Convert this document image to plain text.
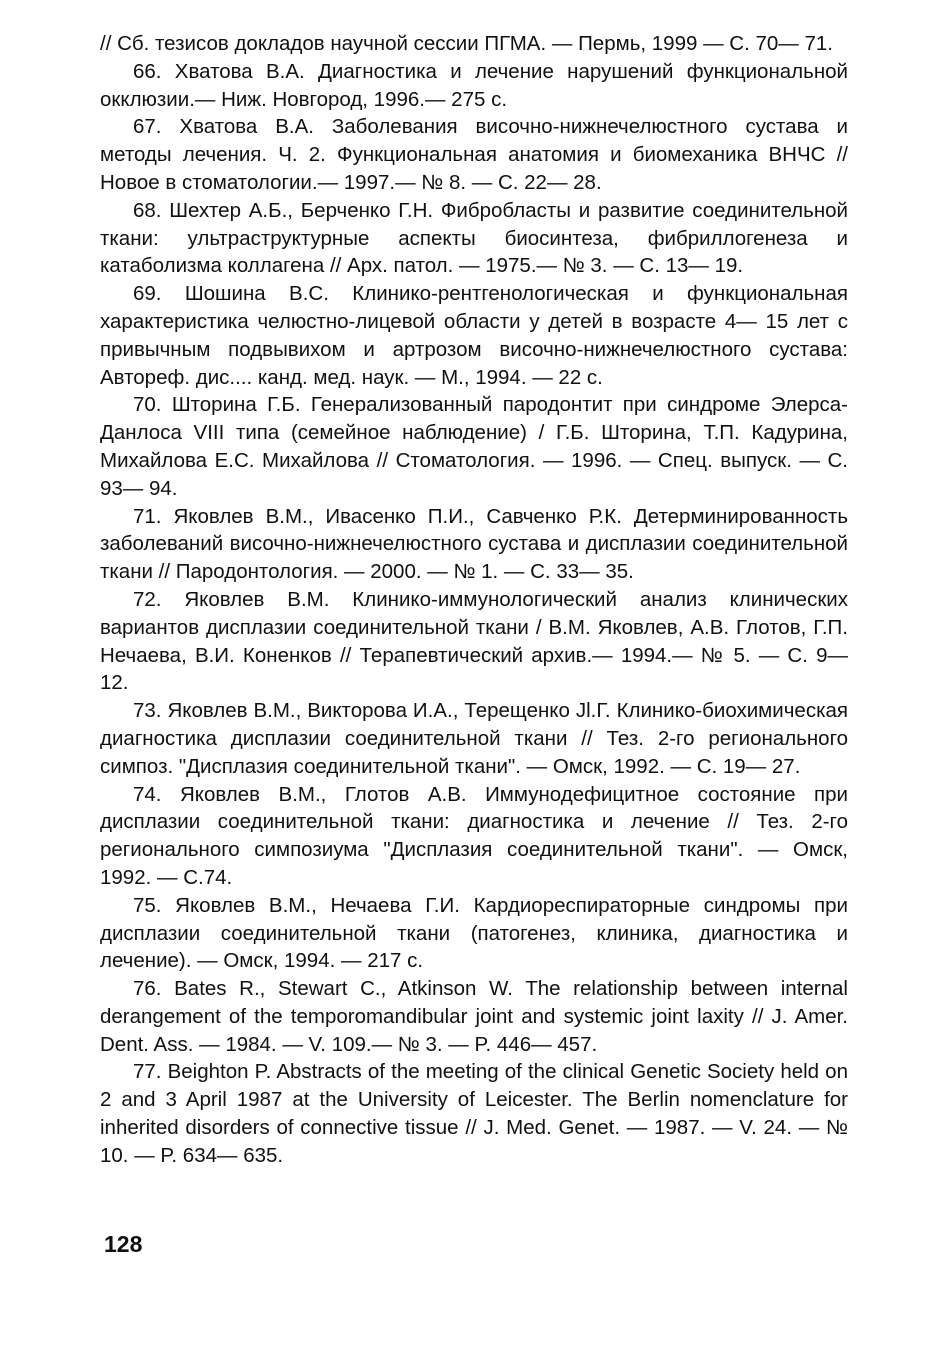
// Сб. тезисов докладов научной сессии ПГМА. — Пермь, 1999 — С. 70— 71.

66. Хватова В.А. Диагностика и лечение нарушений функциональной окклюзии.— Ниж. Новгород, 1996.— 275 с.

67. Хватова В.А. Заболевания височно-нижнечелюстного сустава и методы лечения. Ч. 2. Функциональная анатомия и биомеханика ВНЧС // Новое в стоматологии.— 1997.— № 8. — С. 22— 28.

68. Шехтер А.Б., Берченко Г.Н. Фибробласты и развитие соединительной ткани: ультраструктурные аспекты биосинтеза, фибриллогенеза и катаболизма коллагена // Арх. патол. — 1975.— № 3. — С. 13— 19.

69. Шошина В.С. Клинико-рентгенологическая и функциональная характеристика челюстно-лицевой области у детей в возрасте 4— 15 лет с привычным подвывихом и артрозом височно-нижнечелюстного сустава: Автореф. дис.... канд. мед. наук. — М., 1994. — 22 с.

70. Шторина Г.Б. Генерализованный пародонтит при синдроме Элерса-Данлоса VIII типа (семейное наблюдение) / Г.Б. Шторина, Т.П. Кадурина, Михайлова Е.С. Михайлова // Стоматология. — 1996. — Спец. выпуск. — С. 93— 94.

71. Яковлев В.М., Ивасенко П.И., Савченко Р.К. Детерминированность заболеваний височно-нижнечелюстного сустава и дисплазии соединительной ткани // Пародонтология. — 2000. — № 1. — С. 33— 35.

72. Яковлев В.М. Клинико-иммунологический анализ клинических вариантов дисплазии соединительной ткани / В.М. Яковлев, А.В. Глотов, Г.П. Нечаева, В.И. Коненков // Терапевтический архив.— 1994.— № 5. — С. 9— 12.

73. Яковлев В.М., Викторова И.А., Терещенко Jl.Г. Клинико-биохимическая диагностика дисплазии соединительной ткани // Тез. 2-го регионального симпоз. "Дисплазия соединительной ткани". — Омск, 1992. — С. 19— 27.

74. Яковлев В.М., Глотов А.В. Иммунодефицитное состояние при дисплазии соединительной ткани: диагностика и лечение // Тез. 2-го регионального симпозиума "Дисплазия соединительной ткани". — Омск, 1992. — С.74.

75. Яковлев В.М., Нечаева Г.И. Кардиореспираторные синдромы при дисплазии соединительной ткани (патогенез, клиника, диагностика и лечение). — Омск, 1994. — 217 с.

76. Bates R., Stewart C., Atkinson W. The relationship between internal derangement of the temporomandibular joint and systemic joint laxity // J. Amer. Dent. Ass. — 1984. — V. 109.— № 3. — P. 446— 457.

77. Beighton P. Abstracts of the meeting of the clinical Genetic Society held on 2 and 3 April 1987 at the University of Leicester. The Berlin nomenclature for inherited disorders of connective tissue // J. Med. Genet. — 1987. — V. 24. — № 10. — P. 634— 635.

128
